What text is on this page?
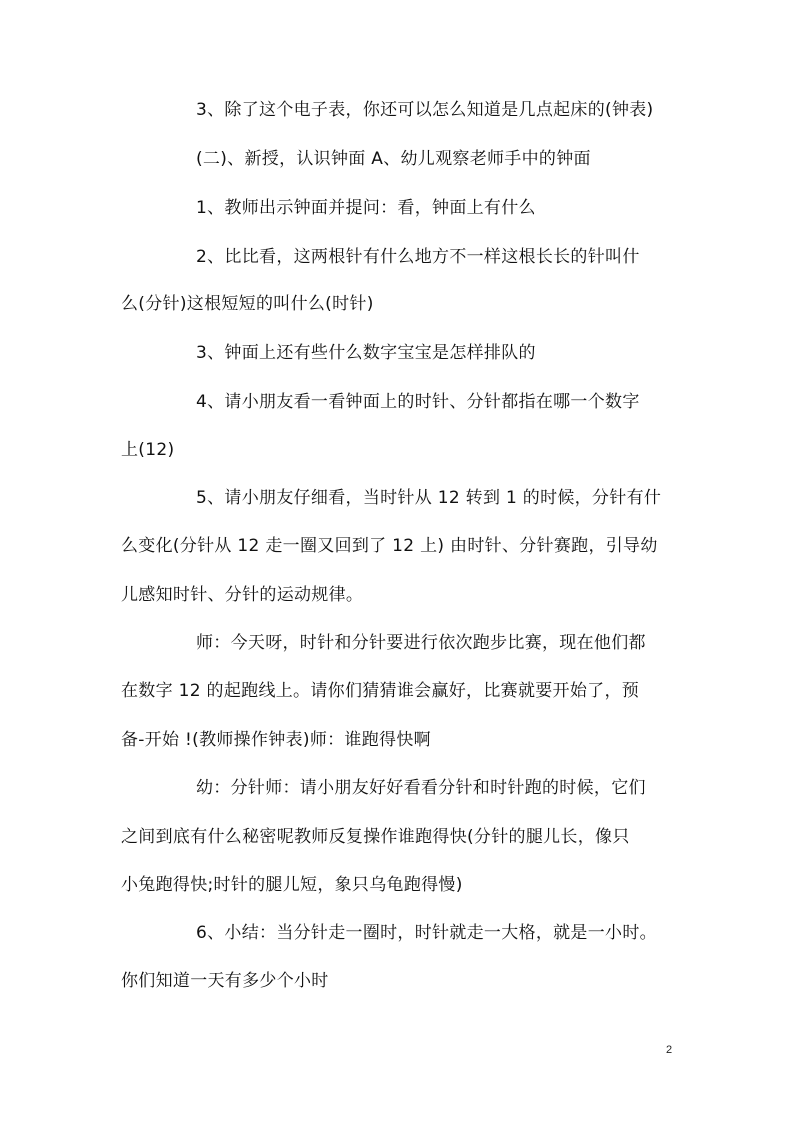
3、除了这个电子表，你还可以怎么知道是几点起床的(钟表)
(二)、新授，认识钟面 A、幼儿观察老师手中的钟面
1、教师出示钟面并提问：看，钟面上有什么
2、比比看，这两根针有什么地方不一样这根长长的针叫什
么(分针)这根短短的叫什么(时针)
3、钟面上还有些什么数字宝宝是怎样排队的
4、请小朋友看一看钟面上的时针、分针都指在哪一个数字
上(12)
5、请小朋友仔细看，当时针从 12 转到 1 的时候，分针有什
么变化(分针从 12 走一圈又回到了 12 上) 由时针、分针赛跑，引导幼
儿感知时针、分针的运动规律。
师：今天呀，时针和分针要进行依次跑步比赛，现在他们都
在数字 12 的起跑线上。请你们猜猜谁会赢好，比赛就要开始了，预
备-开始 !(教师操作钟表)师：谁跑得快啊
幼：分针师：请小朋友好好看看分针和时针跑的时候，它们
之间到底有什么秘密呢教师反复操作谁跑得快(分针的腿儿长，像只
小兔跑得快;时针的腿儿短，象只乌龟跑得慢)
6、小结：当分针走一圈时，时针就走一大格，就是一小时。
你们知道一天有多少个小时
2
